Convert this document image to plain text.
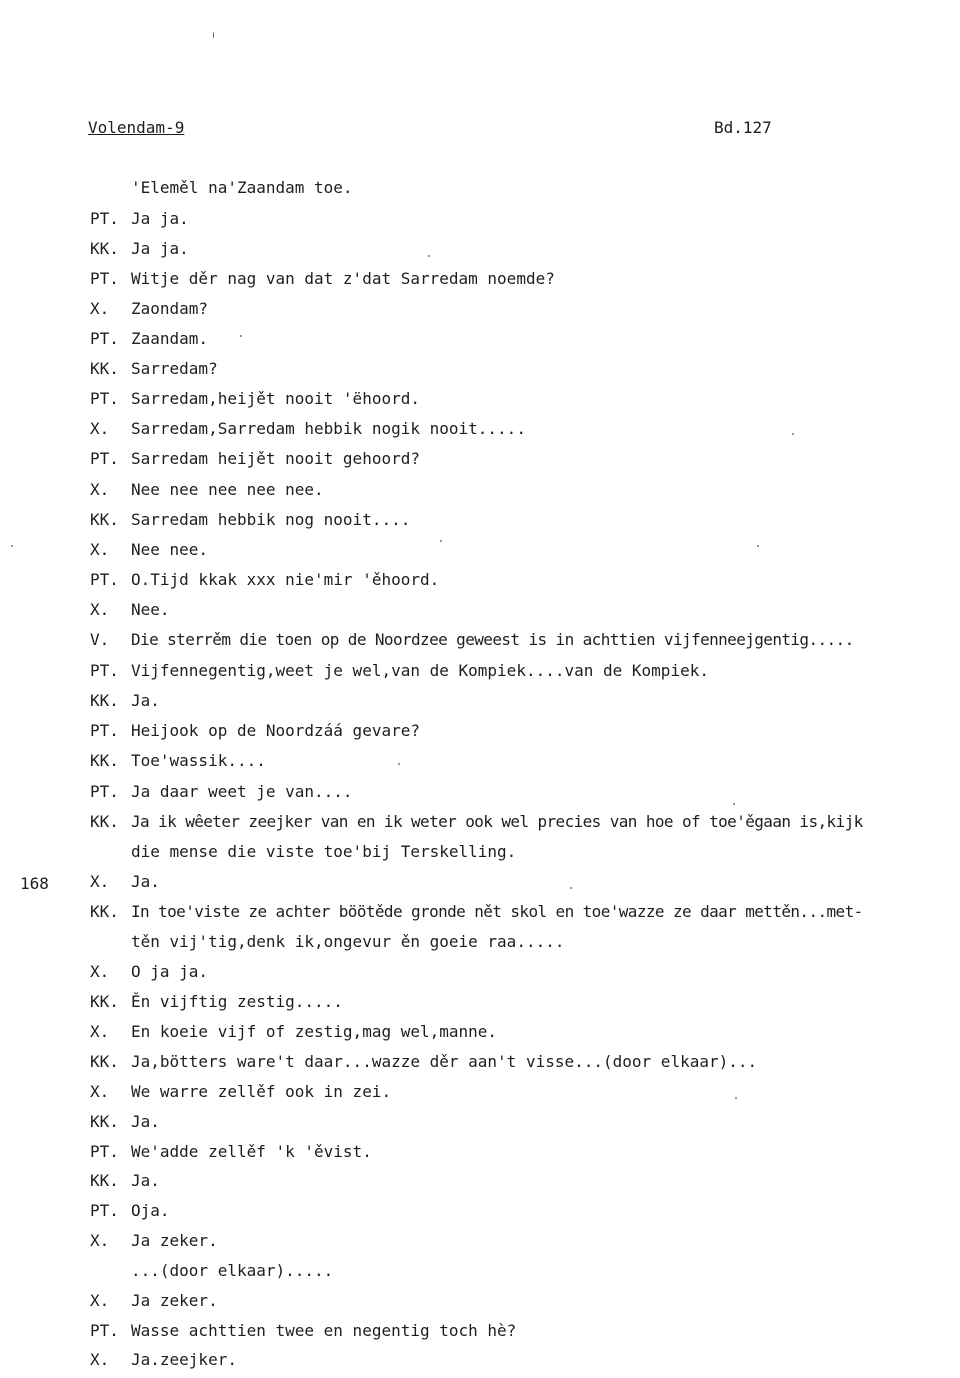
Volendam-9	Bd.127
168
'Eleměl na'Zaandam toe.
PT. Ja ja.
KK. Ja ja.
PT. Witje děr nag van dat z'dat Sarredam noemde?
X. Zaondam?
PT. Zaandam.
KK. Sarredam?
PT. Sarredam,heijět nooit 'ëhoord.
X. Sarredam,Sarredam hebbik nogik nooit.....
PT. Sarredam heijět nooit gehoord?
X. Nee nee nee nee nee.
KK. Sarredam hebbik nog nooit....
X. Nee nee.
PT. O.Tijd kkak xxx nie'mir 'ěhoord.
X. Nee.
V. Die sterrěm die toen op de Noordzee geweest is in achttien vijfenneejgentig.....
PT. Vijfennegentig,weet je wel,van de Kompiek....van de Kompiek.
KK. Ja.
PT. Heijook op de Noordzáá gevare?
KK. Toe'wassik....
PT. Ja daar weet je van....
KK. Ja ik wêeter zeejker van en ik weter ook wel precies van hoe of toe'ěgaan is,kijk
die mense die viste toe'bij Terskelling.
X. Ja.
KK. In toe'viste ze achter böötěde gronde nět skol en toe'wazze ze daar mettěn...met-
těn vij'tig,denk ik,ongevur ěn goeie raa.....
X. O ja ja.
KK. Ěn vijftig zestig.....
X. En koeie vijf of zestig,mag wel,manne.
KK. Ja,bötters ware't daar...wazze děr aan't visse...(door elkaar)...
X. We warre zellěf ook in zei.
KK. Ja.
PT. We'adde zellěf 'k 'ěvist.
KK. Ja.
PT. Oja.
X. Ja zeker.
...(door elkaar).....
X. Ja zeker.
PT. Wasse achttien twee en negentig toch hè?
X. Ja.zeejker.
